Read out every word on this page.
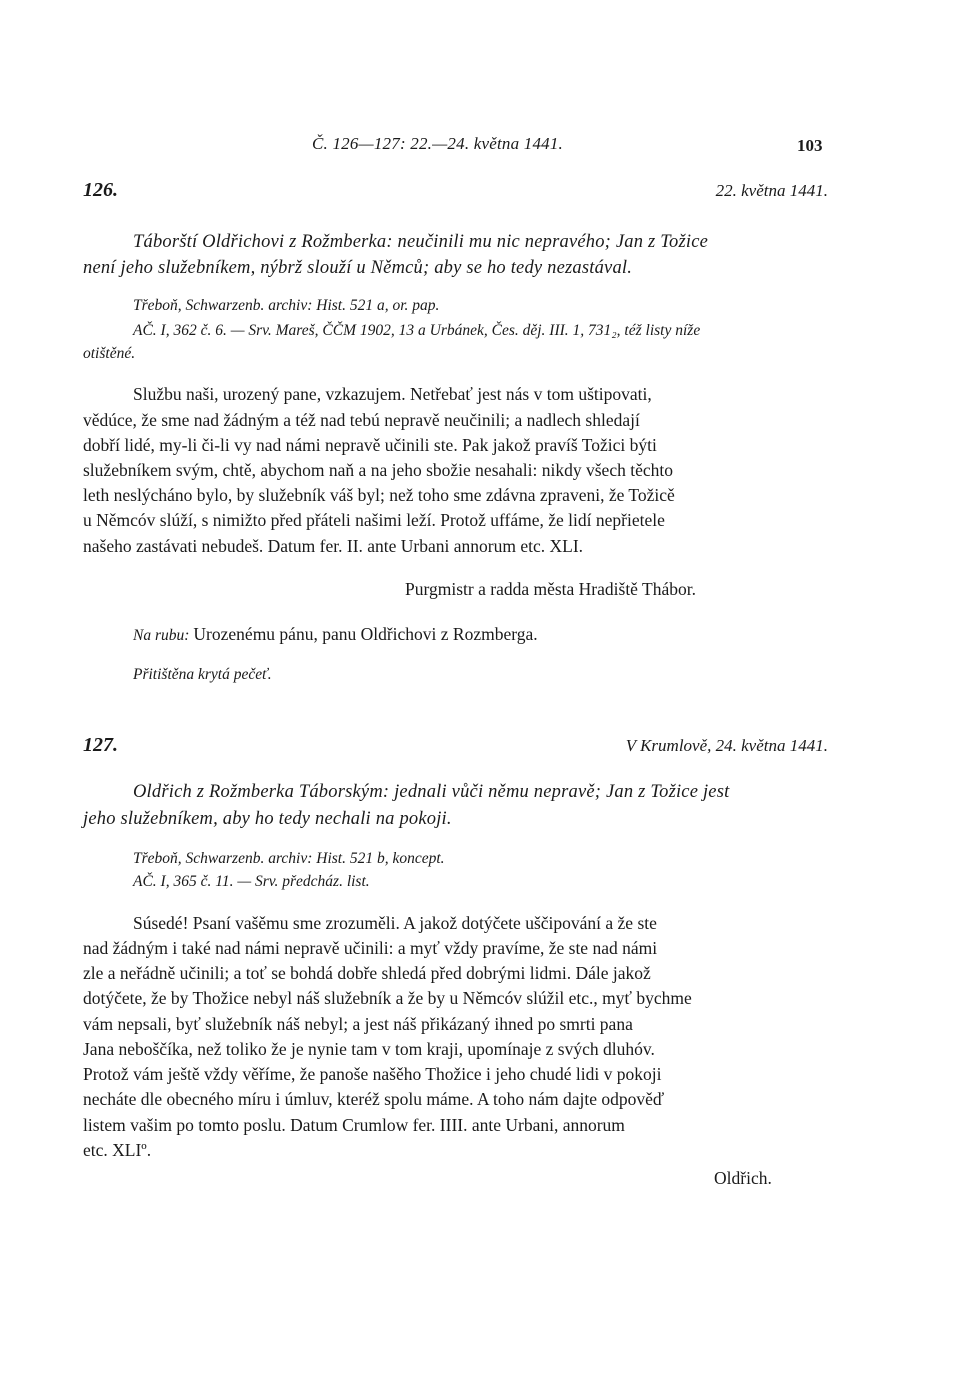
Č. 126—127: 22.—24. května 1441.	103
126.	22. května 1441.
Táborští Oldřichovi z Rožmberka: neučinili mu nic nepravého; Jan z Tožice
není jeho služebníkem, nýbrž slouží u Němců; aby se ho tedy nezastával.
Třeboň, Schwarzenb. archiv: Hist. 521 a, or. pap.
AČ. I, 362 č. 6. — Srv. Mareš, ČČM 1902, 13 a Urbánek, Čes. děj. III. 1, 731₂, též listy níže
otištěné.
Službu naši, urozený pane, vzkazujem. Netřebať jest nás v tom uštipovati,
vědúce, že sme nad žádným a též nad tebú nepravě neučinili; a nadlech shledají
dobří lidé, my-li či-li vy nad námi nepravě učinili ste. Pak jakož pravíš Tožici býti
služebníkem svým, chtě, abychom naň a na jeho sbožie nesahali: nikdy všech těchto
leth neslýcháno bylo, by služebník váš byl; než toho sme zdávna zpraveni, že Tožicě
u Němcóv slúží, s nimižto před přáteli našimi leží. Protož uffáme, že lidí nepřietele
našeho zastávati nebudeš. Datum fer. II. ante Urbani annorum etc. XLI.
Purgmistr a radda města Hradiště Thábor.
Na rubu: Urozenému pánu, panu Oldřichovi z Rozmberga.
Přitištěna krytá pečeť.
127.	V Krumlově, 24. května 1441.
Oldřich z Rožmberka Táborským: jednali vůči němu nepravě; Jan z Tožice jest
jeho služebníkem, aby ho tedy nechali na pokoji.
Třeboň, Schwarzenb. archiv: Hist. 521 b, koncept.
AČ. I, 365 č. 11. — Srv. předcház. list.
Súsedé! Psaní vašěmu sme zrozuměli. A jakož dotýčete uščipování a že ste
nad žádným i také nad námi nepravě učinili: a myť vždy pravíme, že ste nad námi
zle a neřádně učinili; a toť se bohdá dobře shledá před dobrými lidmi. Dále jakož
dotýčete, že by Thožice nebyl náš služebník a že by u Němcóv slúžil etc., myť bychme
vám nepsali, byť služebník náš nebyl; a jest náš přikázaný ihned po smrti pana
Jana neboščíka, než toliko že je nynie tam v tom kraji, upomínaje z svých dluhóv.
Protož vám ještě vždy věříme, že panoše našěho Thožice i jeho chudé lidi v pokoji
necháte dle obecného míru i úmluv, kteréž spolu máme. A toho nám dajte odpověď
listem vašim po tomto poslu. Datum Crumlow fer. IIII. ante Urbani, annorum
etc. XLIº.
Oldřich.
